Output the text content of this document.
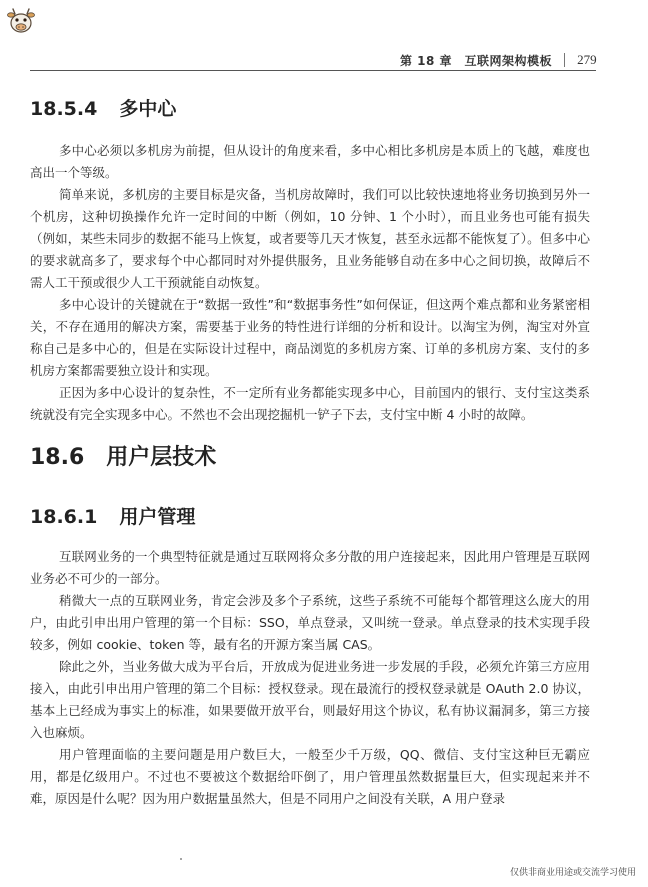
第 18 章　互联网架构模板 279
18.5.4 多中心

多中心必须以多机房为前提，但从设计的角度来看，多中心相比多机房是本质上的飞越，难度也高出一个等级。

简单来说，多机房的主要目标是灾备，当机房故障时，我们可以比较快速地将业务切换到另外一个机房，这种切换操作允许一定时间的中断（例如，10 分钟、1 个小时），而且业务也可能有损失（例如，某些未同步的数据不能马上恢复，或者要等几天才恢复，甚至永远都不能恢复了）。但多中心的要求就高多了，要求每个中心都同时对外提供服务，且业务能够自动在多中心之间切换，故障后不需人工干预或很少人工干预就能自动恢复。

多中心设计的关键就在于“数据一致性”和“数据事务性”如何保证，但这两个难点都和业务紧密相关，不存在通用的解决方案，需要基于业务的特性进行详细的分析和设计。以淘宝为例，淘宝对外宣称自己是多中心的，但是在实际设计过程中，商品浏览的多机房方案、订单的多机房方案、支付的多机房方案都需要独立设计和实现。

正因为多中心设计的复杂性，不一定所有业务都能实现多中心，目前国内的银行、支付宝这类系统就没有完全实现多中心。不然也不会出现挖掘机一铲子下去，支付宝中断 4 小时的故障。

18.6 用户层技术
18.6.1 用户管理

互联网业务的一个典型特征就是通过互联网将众多分散的用户连接起来，因此用户管理是互联网业务必不可少的一部分。

稍微大一点的互联网业务，肯定会涉及多个子系统，这些子系统不可能每个都管理这么庞大的用户，由此引申出用户管理的第一个目标：SSO，单点登录，又叫统一登录。单点登录的技术实现手段较多，例如 cookie、token 等，最有名的开源方案当属 CAS。

除此之外，当业务做大成为平台后，开放成为促进业务进一步发展的手段，必须允许第三方应用接入，由此引申出用户管理的第二个目标：授权登录。现在最流行的授权登录就是 OAuth 2.0 协议，基本上已经成为事实上的标准，如果要做开放平台，则最好用这个协议，私有协议漏洞多，第三方接入也麻烦。

用户管理面临的主要问题是用户数巨大，一般至少千万级，QQ、微信、支付宝这种巨无霸应用，都是亿级用户。不过也不要被这个数据给吓倒了，用户管理虽然数据量巨大，但实现起来并不难，原因是什么呢？因为用户数据量虽然大，但是不同用户之间没有关联，A 用户登录

仅供非商业用途或交流学习使用
